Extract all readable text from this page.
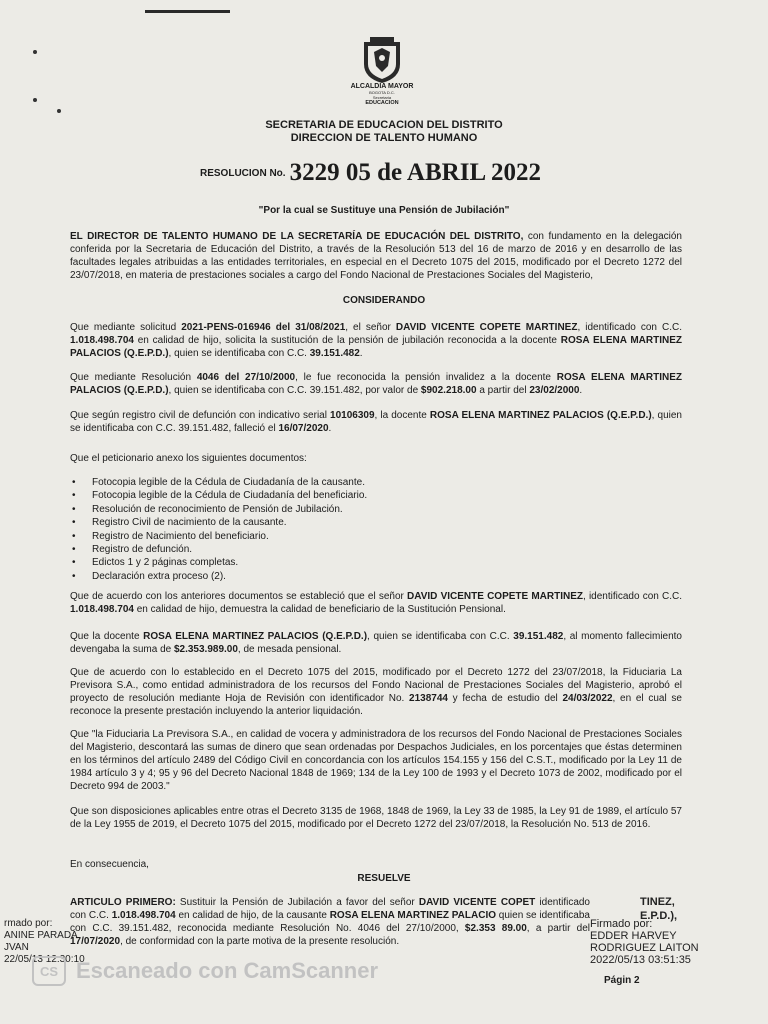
ALCALDIA MAYOR
BOGOTA D.C.
Secretaria
EDUCACION
SECRETARIA DE EDUCACION DEL DISTRITO
DIRECCION DE TALENTO HUMANO
$^{RESOLUCION No.}$ 3229 05 de ABRIL 2022
"Por la cual se Sustituye una Pensión de Jubilación"
EL DIRECTOR DE TALENTO HUMANO DE LA SECRETARÍA DE EDUCACIÓN DEL DISTRITO, con fundamento en la delegación conferida por la Secretaria de Educación del Distrito, a través de la Resolución 513 del 16 de marzo de 2016 y en desarrollo de las facultades legales atribuidas a las entidades territoriales, en especial en el Decreto 1075 del 2015, modificado por el Decreto 1272 del 23/07/2018, en materia de prestaciones sociales a cargo del Fondo Nacional de Prestaciones Sociales del Magisterio,
CONSIDERANDO
Que mediante solicitud 2021-PENS-016946 del 31/08/2021, el señor DAVID VICENTE COPETE MARTINEZ, identificado con C.C. 1.018.498.704 en calidad de hijo, solicita la sustitución de la pensión de jubilación reconocida a la docente ROSA ELENA MARTINEZ PALACIOS (Q.E.P.D.), quien se identificaba con C.C. 39.151.482.
Que mediante Resolución 4046 del 27/10/2000, le fue reconocida la pensión invalidez a la docente ROSA ELENA MARTINEZ PALACIOS (Q.E.P.D.), quien se identificaba con C.C. 39.151.482, por valor de $902.218.00 a partir del 23/02/2000.
Que según registro civil de defunción con indicativo serial 10106309, la docente ROSA ELENA MARTINEZ PALACIOS (Q.E.P.D.), quien se identificaba con C.C. 39.151.482, falleció el 16/07/2020.
Que el peticionario anexo los siguientes documentos:
• Fotocopia legible de la Cédula de Ciudadanía de la causante.
• Fotocopia legible de la Cédula de Ciudadanía del beneficiario.
• Resolución de reconocimiento de Pensión de Jubilación.
• Registro Civil de nacimiento de la causante.
• Registro de Nacimiento del beneficiario.
• Registro de defunción.
• Edictos 1 y 2 páginas completas.
• Declaración extra proceso (2).
Que de acuerdo con los anteriores documentos se estableció que el señor DAVID VICENTE COPETE MARTINEZ, identificado con C.C. 1.018.498.704 en calidad de hijo, demuestra la calidad de beneficiario de la Sustitución Pensional.
Que la docente ROSA ELENA MARTINEZ PALACIOS (Q.E.P.D.), quien se identificaba con C.C. 39.151.482, al momento fallecimiento devengaba la suma de $2.353.989.00, de mesada pensional.
Que de acuerdo con lo establecido en el Decreto 1075 del 2015, modificado por el Decreto 1272 del 23/07/2018, la Fiduciaria La Previsora S.A., como entidad administradora de los recursos del Fondo Nacional de Prestaciones Sociales del Magisterio, aprobó el proyecto de resolución mediante Hoja de Revisión con identificador No. 2138744 y fecha de estudio del 24/03/2022, en el cual se reconoce la presente prestación incluyendo la anterior liquidación.
Que "la Fiduciaria La Previsora S.A., en calidad de vocera y administradora de los recursos del Fondo Nacional de Prestaciones Sociales del Magisterio, descontará las sumas de dinero que sean ordenadas por Despachos Judiciales, en los porcentajes que éstas determinen en los términos del artículo 2489 del Código Civil en concordancia con los artículos 154.155 y 156 del C.S.T., modificado por la Ley 11 de 1984 artículo 3 y 4; 95 y 96 del Decreto Nacional 1848 de 1969; 134 de la Ley 100 de 1993 y el Decreto 1073 de 2002, modificado por el Decreto 994 de 2003."
Que son disposiciones aplicables entre otras el Decreto 3135 de 1968, 1848 de 1969, la Ley 33 de 1985, la Ley 91 de 1989, el artículo 57 de la Ley 1955 de 2019, el Decreto 1075 del 2015, modificado por el Decreto 1272 del 23/07/2018, la Resolución No. 513 de 2016.
En consecuencia,
RESUELVE
ARTICULO PRIMERO: Sustituir la Pensión de Jubilación a favor del señor DAVID VICENTE COPET identificado con C.C. 1.018.498.704 en calidad de hijo, de la causante ROSA ELENA MARTINEZ PALACIO quien se identificaba con C.C. 39.151.482, reconocida mediante Resolución No. 4046 del 27/10/2000, $2.353 89.00, a partir del 17/07/2020, de conformidad con la parte motiva de la presente resolución.
rmado por:
ANINE PARADA
JVAN
22/05/13 12:30:10
TINEZ,
E.P.D.),
Firmado por:
EDDER HARVEY
RODRIGUEZ LAITON
2022/05/13 03:51:35
CS Escaneado con CamScanner	Págin 2
